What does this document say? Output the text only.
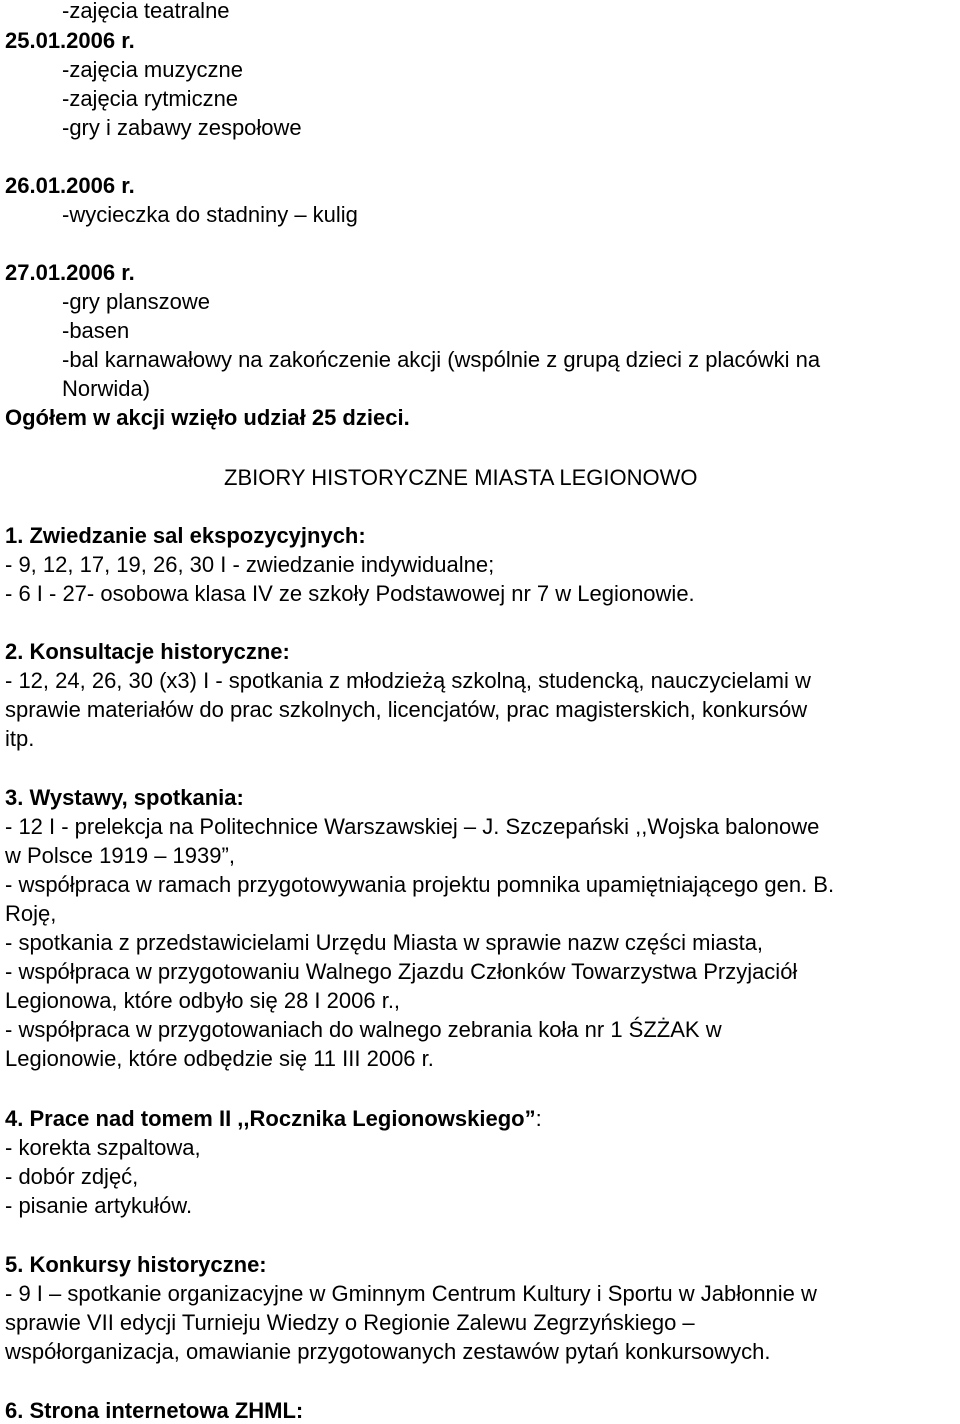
-zajęcia teatralne
25.01.2006 r.
-zajęcia muzyczne
-zajęcia rytmiczne
-gry i zabawy zespołowe
26.01.2006 r.
-wycieczka do stadniny – kulig
27.01.2006 r.
-gry planszowe
-basen
-bal karnawałowy na zakończenie akcji (wspólnie z grupą dzieci z placówki na
Norwida)
Ogółem w akcji wzięło udział 25 dzieci.
ZBIORY HISTORYCZNE MIASTA LEGIONOWO
1. Zwiedzanie sal ekspozycyjnych:
- 9, 12, 17, 19, 26, 30 I - zwiedzanie indywidualne;
- 6 I - 27- osobowa klasa IV ze szkoły Podstawowej nr 7 w Legionowie.
2. Konsultacje historyczne:
- 12, 24, 26, 30 (x3) I - spotkania z młodzieżą szkolną, studencką, nauczycielami w
sprawie materiałów do prac szkolnych, licencjatów, prac magisterskich, konkursów
itp.
3. Wystawy, spotkania:
- 12 I - prelekcja na Politechnice Warszawskiej – J. Szczepański ,,Wojska balonowe
w Polsce 1919 – 1939”,
- współpraca w ramach przygotowywania projektu pomnika upamiętniającego gen. B.
Roję,
- spotkania z przedstawicielami Urzędu Miasta w sprawie nazw części miasta,
- współpraca w przygotowaniu Walnego Zjazdu Członków Towarzystwa Przyjaciół
Legionowa, które odbyło się 28 I 2006 r.,
- współpraca w przygotowaniach do walnego zebrania koła nr 1 ŚZŻAK w
Legionowie, które odbędzie się 11 III 2006 r.
4. Prace nad tomem II ,,Rocznika Legionowskiego”:
- korekta szpaltowa,
- dobór zdjęć,
- pisanie artykułów.
5. Konkursy historyczne:
- 9 I – spotkanie organizacyjne w Gminnym Centrum Kultury i Sportu w Jabłonnie w
sprawie VII edycji Turnieju Wiedzy o Regionie Zalewu Zegrzyńskiego –
współorganizacja, omawianie przygotowanych zestawów pytań konkursowych.
6. Strona internetowa ZHML:
